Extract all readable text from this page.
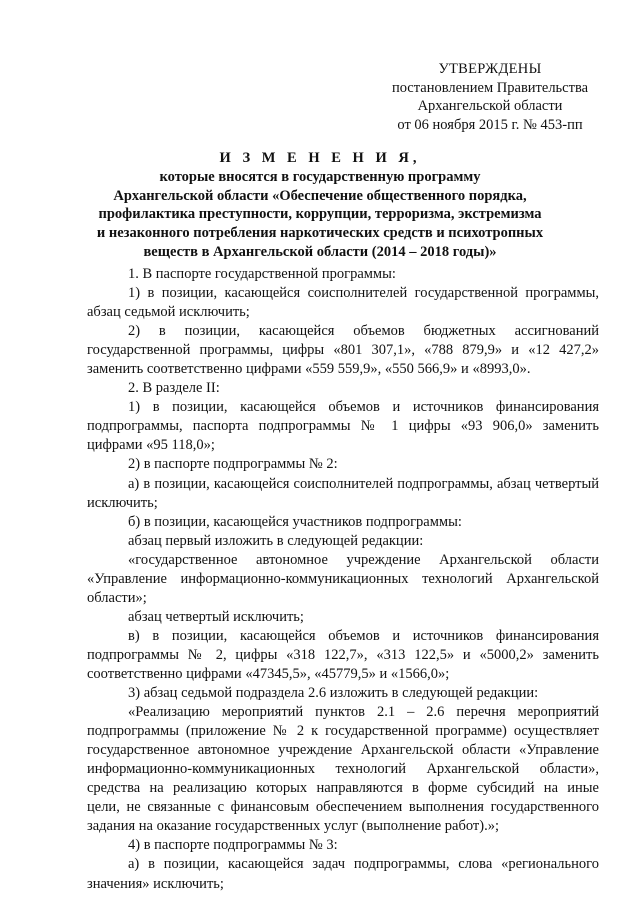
УТВЕРЖДЕНЫ
постановлением Правительства
Архангельской области
от 06 ноября 2015 г. № 453-пп
И З М Е Н Е Н И Я,
которые вносятся в государственную программу
Архангельской области «Обеспечение общественного порядка,
профилактика преступности, коррупции, терроризма, экстремизма
и незаконного потребления наркотических средств и психотропных
веществ в Архангельской области (2014 – 2018 годы)»
1. В паспорте государственной программы:
1) в позиции, касающейся соисполнителей государственной программы,
абзац седьмой исключить;
2) в позиции, касающейся объемов бюджетных ассигнований
государственной программы, цифры «801 307,1», «788 879,9» и «12 427,2»
заменить соответственно цифрами «559 559,9», «550 566,9» и «8993,0».
2. В разделе II:
1) в позиции, касающейся объемов и источников финансирования
подпрограммы, паспорта подпрограммы № 1 цифры «93 906,0» заменить
цифрами «95 118,0»;
2) в паспорте подпрограммы № 2:
а) в позиции, касающейся соисполнителей подпрограммы, абзац четвертый
исключить;
б) в позиции, касающейся участников подпрограммы:
абзац первый изложить в следующей редакции:
«государственное автономное учреждение Архангельской области
«Управление информационно-коммуникационных технологий Архангельской
области»;
абзац четвертый исключить;
в) в позиции, касающейся объемов и источников финансирования
подпрограммы № 2, цифры «318 122,7», «313 122,5» и «5000,2» заменить
соответственно цифрами «47345,5», «45779,5» и «1566,0»;
3) абзац седьмой подраздела 2.6 изложить в следующей редакции:
«Реализацию мероприятий пунктов 2.1 – 2.6 перечня мероприятий
подпрограммы (приложение № 2 к государственной программе) осуществляет
государственное автономное учреждение Архангельской области «Управление
информационно-коммуникационных технологий Архангельской области»,
средства на реализацию которых направляются в форме субсидий на иные
цели, не связанные с финансовым обеспечением выполнения государственного
задания на оказание государственных услуг (выполнение работ).»;
4) в паспорте подпрограммы № 3:
а) в позиции, касающейся задач подпрограммы, слова «регионального
значения» исключить;
